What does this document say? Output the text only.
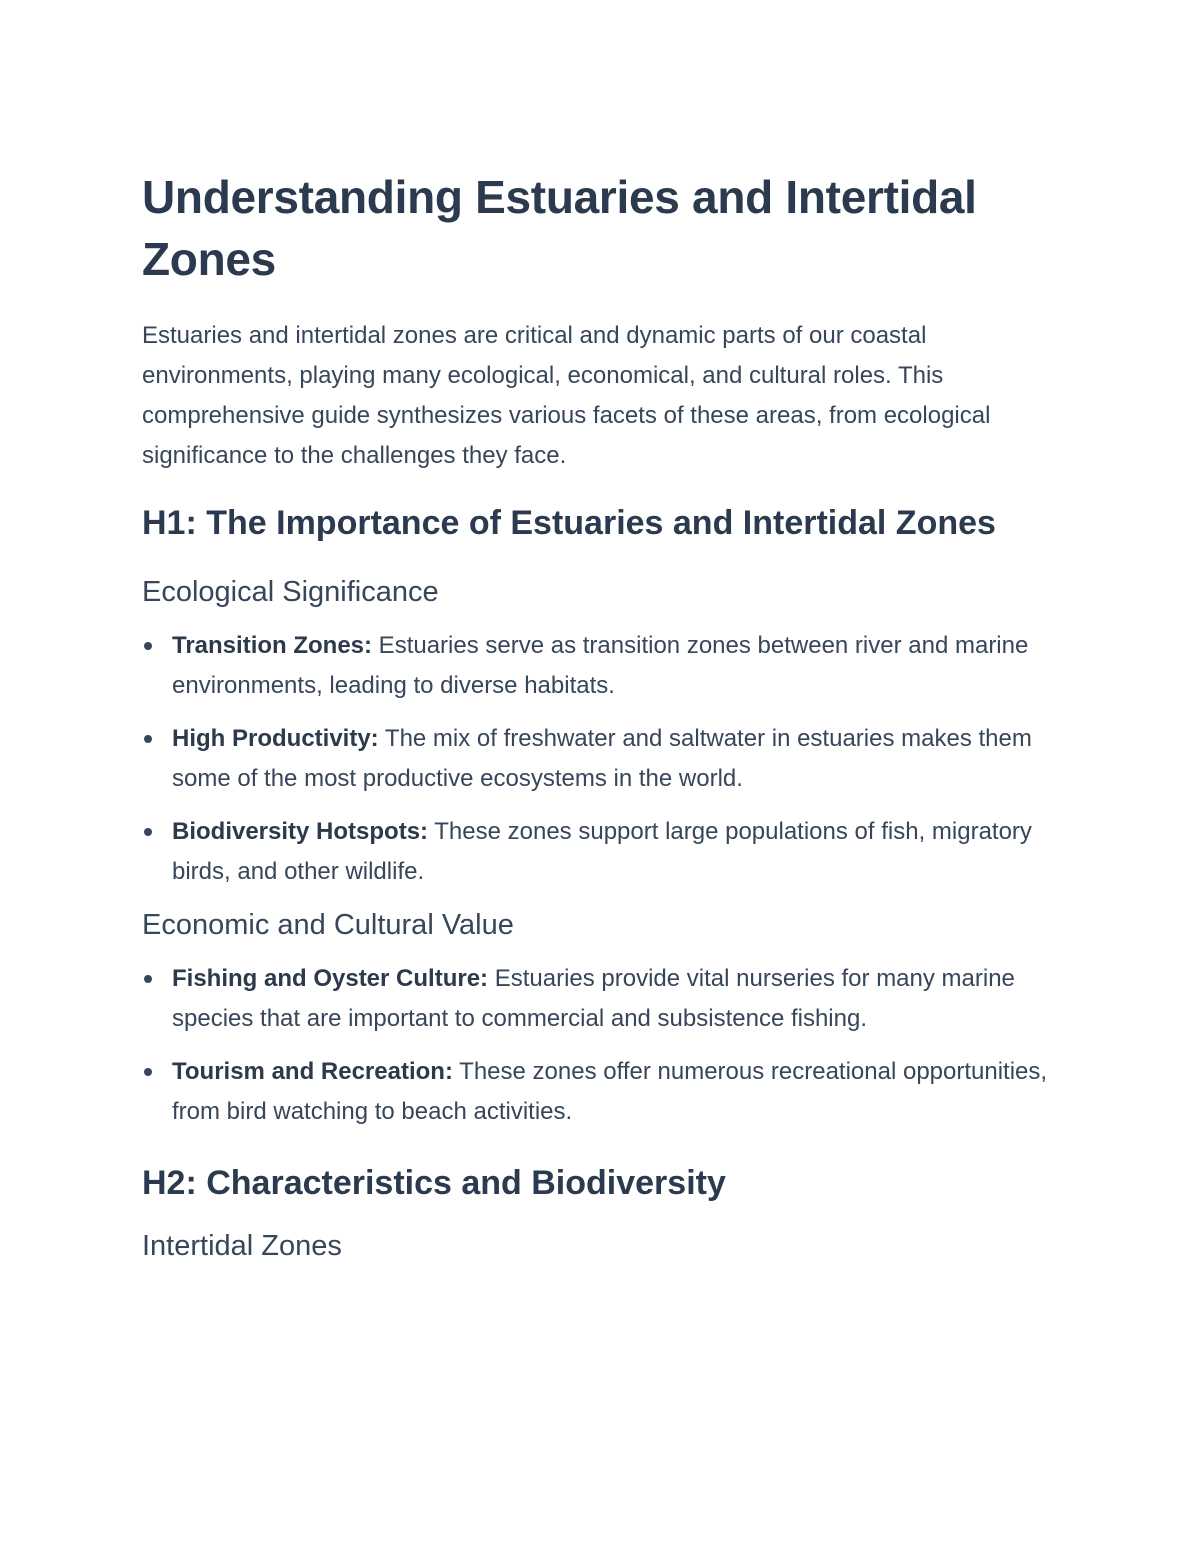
Understanding Estuaries and Intertidal Zones

Estuaries and intertidal zones are critical and dynamic parts of our coastal environments, playing many ecological, economical, and cultural roles. This comprehensive guide synthesizes various facets of these areas, from ecological significance to the challenges they face.

H1: The Importance of Estuaries and Intertidal Zones
Ecological Significance
Transition Zones: Estuaries serve as transition zones between river and marine environments, leading to diverse habitats.
High Productivity: The mix of freshwater and saltwater in estuaries makes them some of the most productive ecosystems in the world.
Biodiversity Hotspots: These zones support large populations of fish, migratory birds, and other wildlife.
Economic and Cultural Value
Fishing and Oyster Culture: Estuaries provide vital nurseries for many marine species that are important to commercial and subsistence fishing.
Tourism and Recreation: These zones offer numerous recreational opportunities, from bird watching to beach activities.
H2: Characteristics and Biodiversity
Intertidal Zones
